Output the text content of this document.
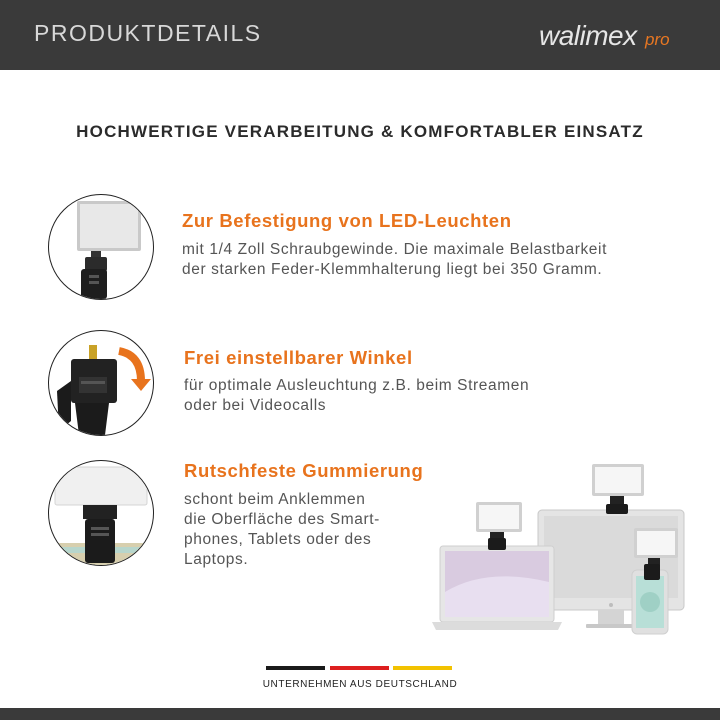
PRODUKTDETAILS	walimex pro
HOCHWERTIGE VERARBEITUNG & KOMFORTABLER EINSATZ
Zur Befestigung von LED-Leuchten
mit 1/4 Zoll Schraubgewinde. Die maximale Belastbarkeit
der starken Feder-Klemmhalterung liegt bei 350 Gramm.
Frei einstellbarer Winkel
für optimale Ausleuchtung z.B. beim Streamen
oder bei Videocalls
Rutschfeste Gummierung
schont beim Anklemmen
die Oberfläche des Smart-
phones, Tablets oder des
Laptops.
UNTERNEHMEN AUS DEUTSCHLAND
